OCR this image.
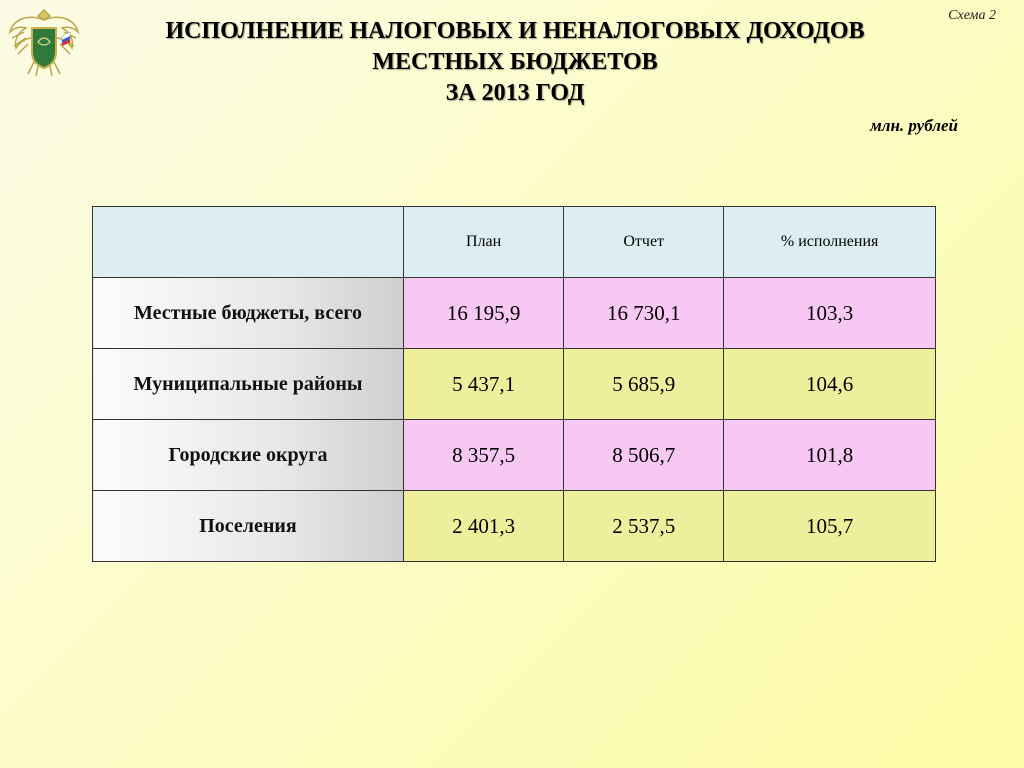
Схема 2
ИСПОЛНЕНИЕ НАЛОГОВЫХ И НЕНАЛОГОВЫХ ДОХОДОВ
МЕСТНЫХ БЮДЖЕТОВ
ЗА 2013 ГОД
млн. рублей
	План	Отчет	% исполнения
Местные бюджеты, всего	16 195,9	16 730,1	103,3
Муниципальные районы	5 437,1	5 685,9	104,6
Городские округа	8 357,5	8 506,7	101,8
Поселения	2 401,3	2 537,5	105,7
